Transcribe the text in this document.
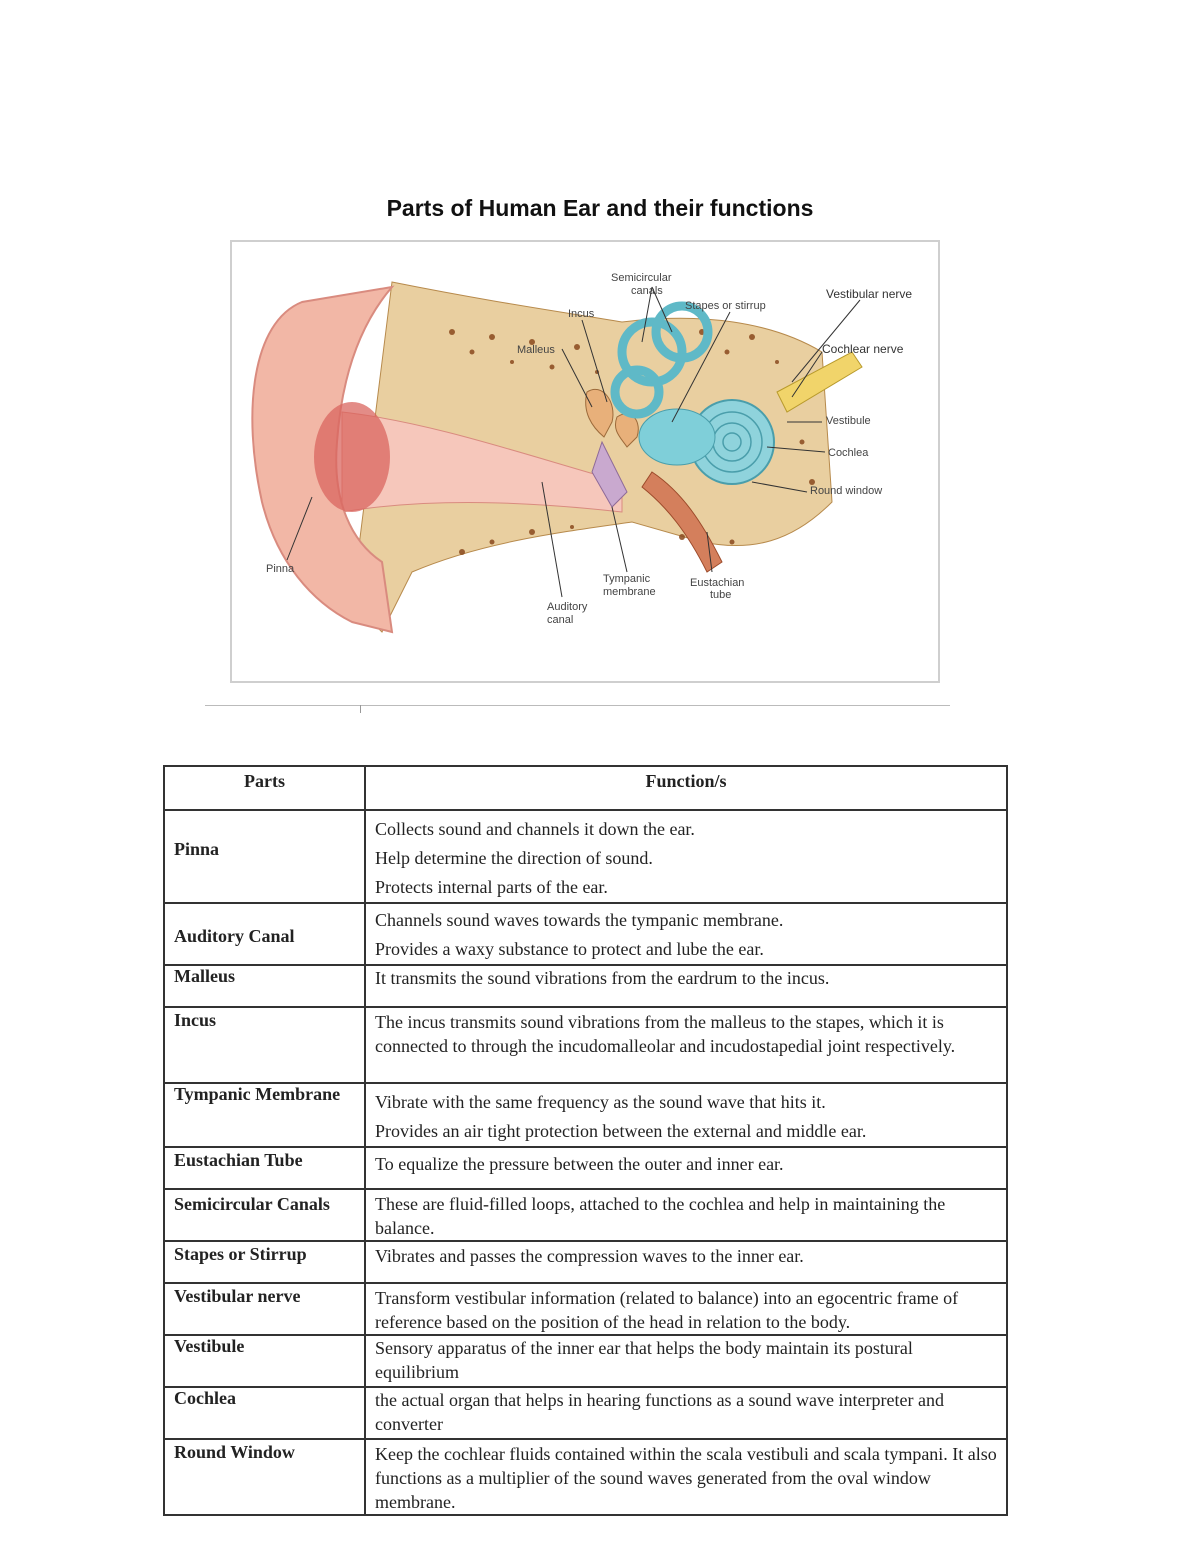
Parts of Human Ear and their functions
Semicircular
canals
Incus
Stapes or stirrup
Vestibular nerve
Malleus	Cochlear nerve
Vestibule
Cochlea
Round window
Pinna
Tympanic
membrane
Eustachian
tube
Auditory
canal
Parts	Function/s
Pinna	Collects sound and channels it down the ear.
Help determine the direction of sound.
Protects internal parts of the ear.

Auditory Canal	Channels sound waves towards the tympanic membrane.
Provides a waxy substance to protect and lube the ear.

Malleus	It transmits the sound vibrations from the eardrum to the incus.

Incus	The incus transmits sound vibrations from the malleus to the stapes, which it is connected to through the incudomalleolar and incudostapedial joint respectively.

Tympanic Membrane	Vibrate with the same frequency as the sound wave that hits it.
Provides an air tight protection between the external and middle ear.

Eustachian Tube	To equalize the pressure between the outer and inner ear.

Semicircular Canals	These are fluid-filled loops, attached to the cochlea and help in maintaining the balance.

Stapes or Stirrup	Vibrates and passes the compression waves to the inner ear.

Vestibular nerve	Transform vestibular information (related to balance) into an egocentric frame of reference based on the position of the head in relation to the body.

Vestibule	Sensory apparatus of the inner ear that helps the body maintain its postural equilibrium

Cochlea	the actual organ that helps in hearing functions as a sound wave interpreter and converter

Round Window	Keep the cochlear fluids contained within the scala vestibuli and scala tympani. It also functions as a multiplier of the sound waves generated from the oval window membrane.
